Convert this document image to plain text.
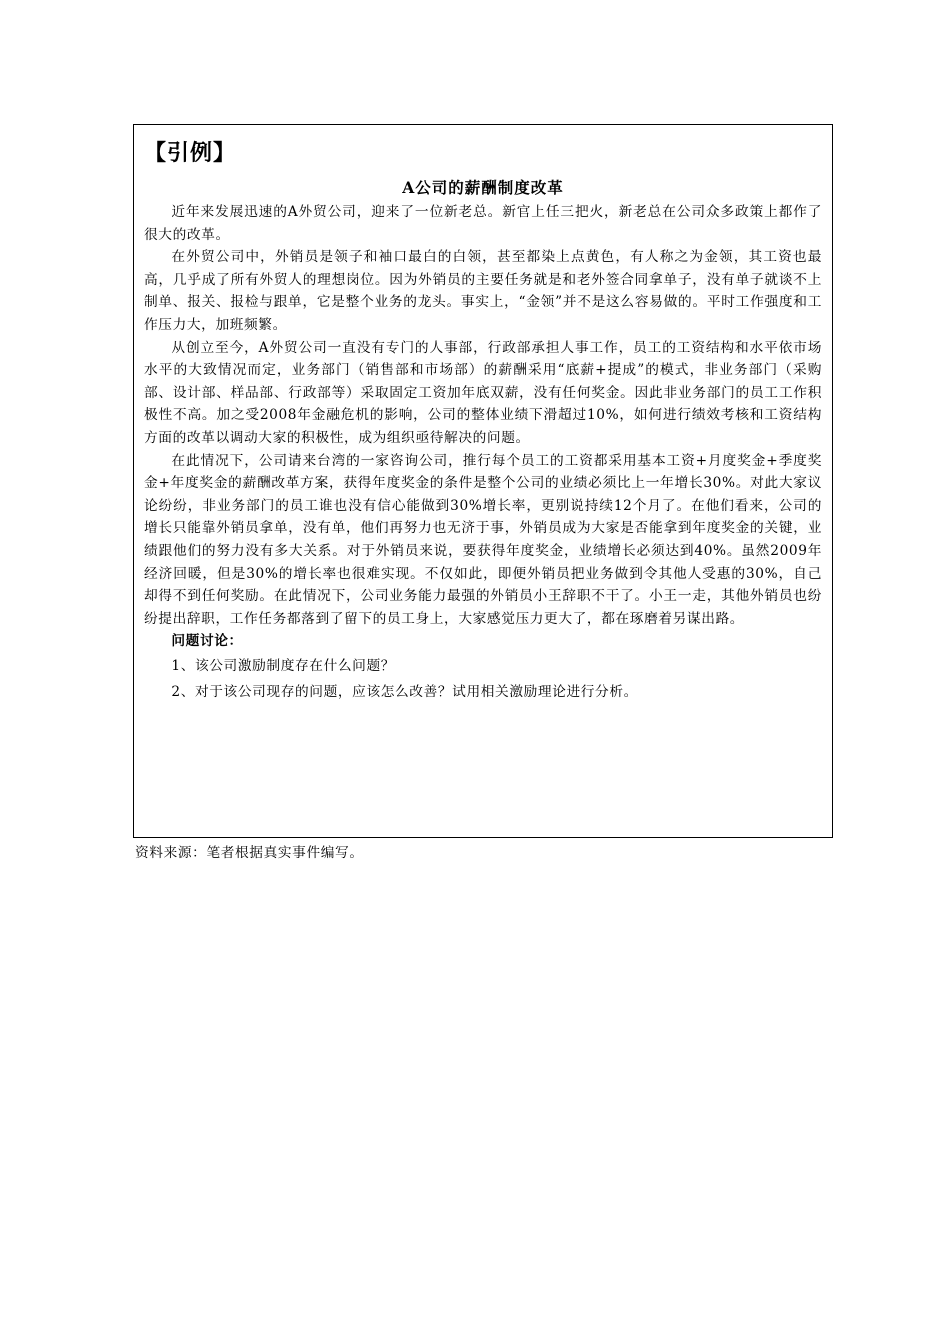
【引例】
A公司的薪酬制度改革

近年来发展迅速的A外贸公司，迎来了一位新老总。新官上任三把火，新老总在公司众多政策上都作了很大的改革。

在外贸公司中，外销员是领子和袖口最白的白领，甚至都染上点黄色，有人称之为金领，其工资也最高，几乎成了所有外贸人的理想岗位。因为外销员的主要任务就是和老外签合同拿单子，没有单子就谈不上制单、报关、报检与跟单，它是整个业务的龙头。事实上，“金领”并不是这么容易做的。平时工作强度和工作压力大，加班频繁。

从创立至今，A外贸公司一直没有专门的人事部，行政部承担人事工作，员工的工资结构和水平依市场水平的大致情况而定，业务部门（销售部和市场部）的薪酬采用“底薪+提成”的模式，非业务部门（采购部、设计部、样品部、行政部等）采取固定工资加年底双薪，没有任何奖金。因此非业务部门的员工工作积极性不高。加之受2008年金融危机的影响，公司的整体业绩下滑超过10%，如何进行绩效考核和工资结构方面的改革以调动大家的积极性，成为组织亟待解决的问题。

在此情况下，公司请来台湾的一家咨询公司，推行每个员工的工资都采用基本工资+月度奖金+季度奖金+年度奖金的薪酬改革方案，获得年度奖金的条件是整个公司的业绩必须比上一年增长30%。对此大家议论纷纷，非业务部门的员工谁也没有信心能做到30%增长率，更别说持续12个月了。在他们看来，公司的增长只能靠外销员拿单，没有单，他们再努力也无济于事，外销员成为大家是否能拿到年度奖金的关键，业绩跟他们的努力没有多大关系。对于外销员来说，要获得年度奖金，业绩增长必须达到40%。虽然2009年经济回暖，但是30%的增长率也很难实现。不仅如此，即便外销员把业务做到令其他人受惠的30%，自己却得不到任何奖励。在此情况下，公司业务能力最强的外销员小王辞职不干了。小王一走，其他外销员也纷纷提出辞职，工作任务都落到了留下的员工身上，大家感觉压力更大了，都在琢磨着另谋出路。

问题讨论：

1、该公司激励制度存在什么问题？

2、对于该公司现存的问题，应该怎么改善？试用相关激励理论进行分析。

资料来源：笔者根据真实事件编写。
